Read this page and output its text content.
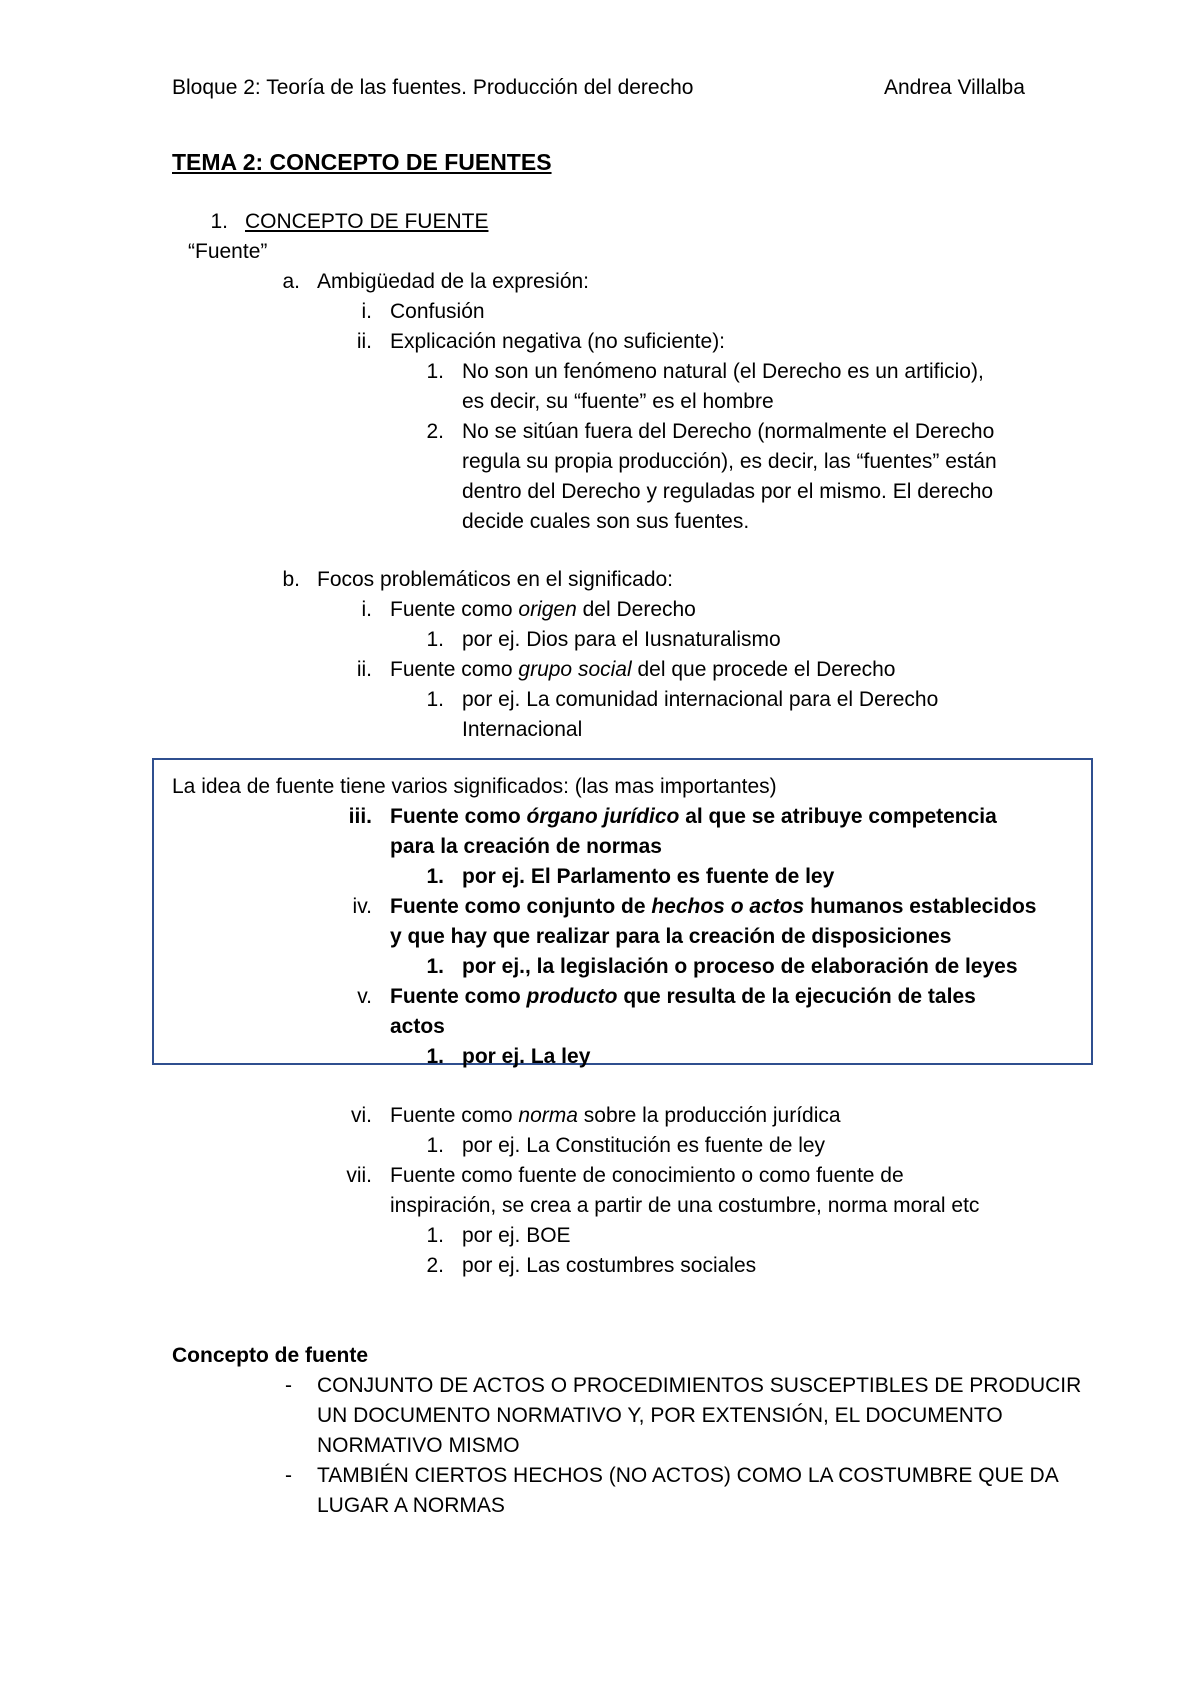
Bloque 2: Teoría de las fuentes. Producción del derecho	Andrea Villalba
TEMA 2: CONCEPTO DE FUENTES
1. CONCEPTO DE FUENTE
“Fuente”
a. Ambigüedad de la expresión:
i. Confusión
ii. Explicación negativa (no suficiente):
1. No son un fenómeno natural (el Derecho es un artificio),
es decir, su “fuente” es el hombre
2. No se sitúan fuera del Derecho (normalmente el Derecho
regula su propia producción), es decir, las “fuentes” están
dentro del Derecho y reguladas por el mismo. El derecho
decide cuales son sus fuentes.
b. Focos problemáticos en el significado:
i. Fuente como origen del Derecho
1. por ej. Dios para el Iusnaturalismo
ii. Fuente como grupo social del que procede el Derecho
1. por ej. La comunidad internacional para el Derecho
Internacional
La idea de fuente tiene varios significados: (las mas importantes)
iii. Fuente como órgano jurídico al que se atribuye competencia
para la creación de normas
1. por ej. El Parlamento es fuente de ley
iv. Fuente como conjunto de hechos o actos humanos establecidos
y que hay que realizar para la creación de disposiciones
1. por ej., la legislación o proceso de elaboración de leyes
v. Fuente como producto que resulta de la ejecución de tales
actos
1. por ej. La ley
vi. Fuente como norma sobre la producción jurídica
1. por ej. La Constitución es fuente de ley
vii. Fuente como fuente de conocimiento o como fuente de
inspiración, se crea a partir de una costumbre, norma moral etc
1. por ej. BOE
2. por ej. Las costumbres sociales
Concepto de fuente
- CONJUNTO DE ACTOS O PROCEDIMIENTOS SUSCEPTIBLES DE PRODUCIR
UN DOCUMENTO NORMATIVO Y, POR EXTENSIÓN, EL DOCUMENTO
NORMATIVO MISMO
- TAMBIÉN CIERTOS HECHOS (NO ACTOS) COMO LA COSTUMBRE QUE DA
LUGAR A NORMAS
